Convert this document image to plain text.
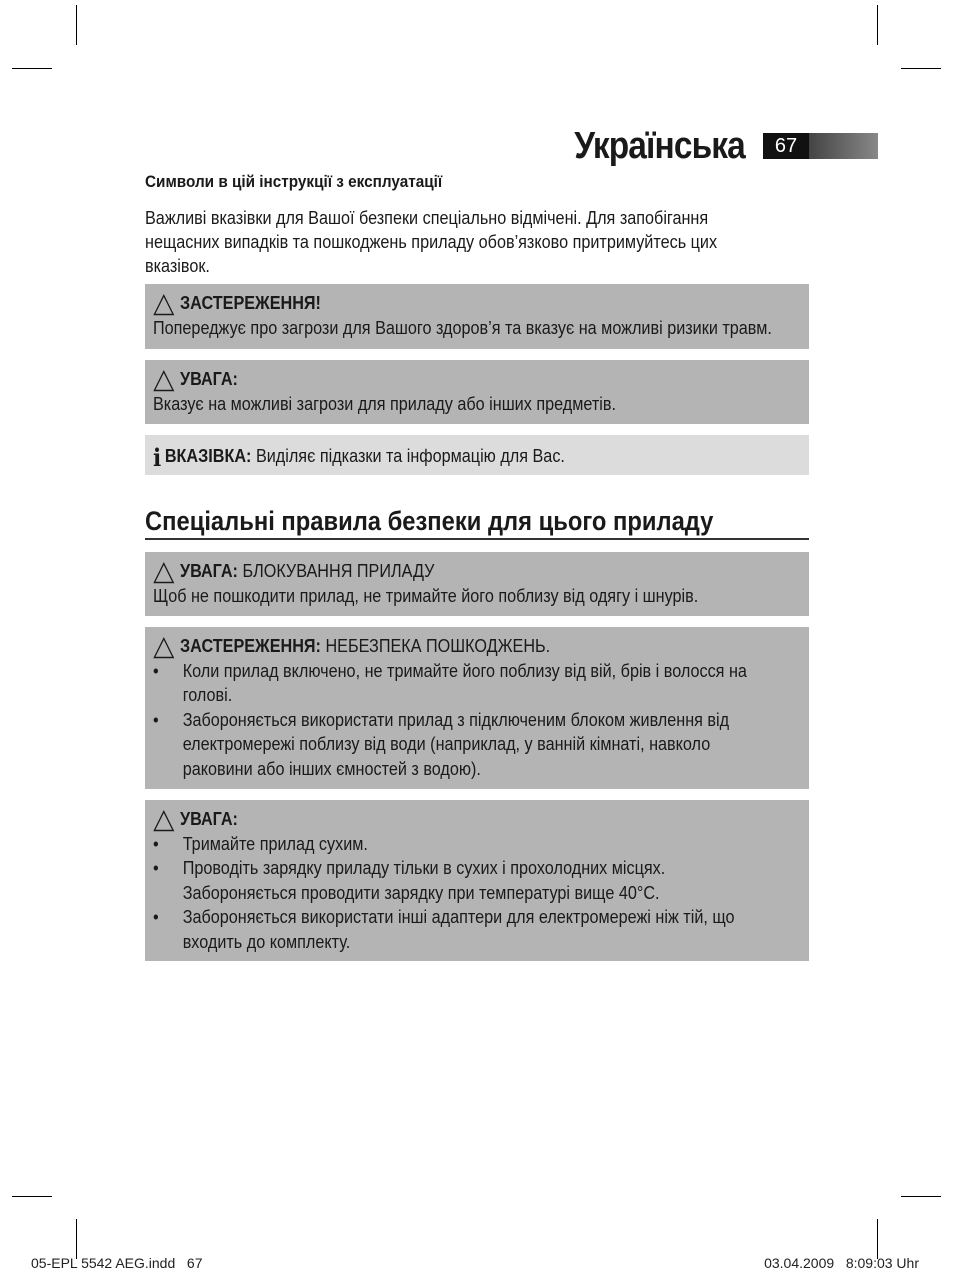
Українська	67
Символи в цій інструкції з експлуатації
Важливі вказівки для Вашої безпеки спеціально відмічені. Для запобігання
нещасних випадків та пошкоджень приладу обов’язково притримуйтесь цих
вказівок.
ЗАСТЕРЕЖЕННЯ!
Попереджує про загрози для Вашого здоров’я та вказує на можливі ризики травм.
УВАГА:
Вказує на можливі загрози для приладу або інших предметів.
i ВКАЗІВКА: Виділяє підказки та інформацію для Вас.
Спеціальні правила безпеки для цього приладу
УВАГА:
БЛОКУВАННЯ ПРИЛАДУ
Щоб не пошкодити прилад, не тримайте його поблизу від одягу і шнурів.
ЗАСТЕРЕЖЕННЯ:
НЕБЕЗПЕКА ПОШКОДЖЕНЬ.
• Коли прилад включено, не тримайте його поблизу від вій, брів і волосся на
голові.
• Забороняється використати прилад з підключеним блоком живлення від
електромережі поблизу від води (наприклад, у ванній кімнаті, навколо
раковини або інших ємностей з водою).
УВАГА:
• Тримайте прилад сухим.
• Проводіть зарядку приладу тільки в сухих і прохолодних місцях.
Забороняється проводити зарядку при температурі вище 40°C.
• Забороняється використати інші адаптери для електромережі ніж тій, що
входить до комплекту.
05-EPL 5542 AEG.indd   67	03.04.2009   8:09:03 Uhr
